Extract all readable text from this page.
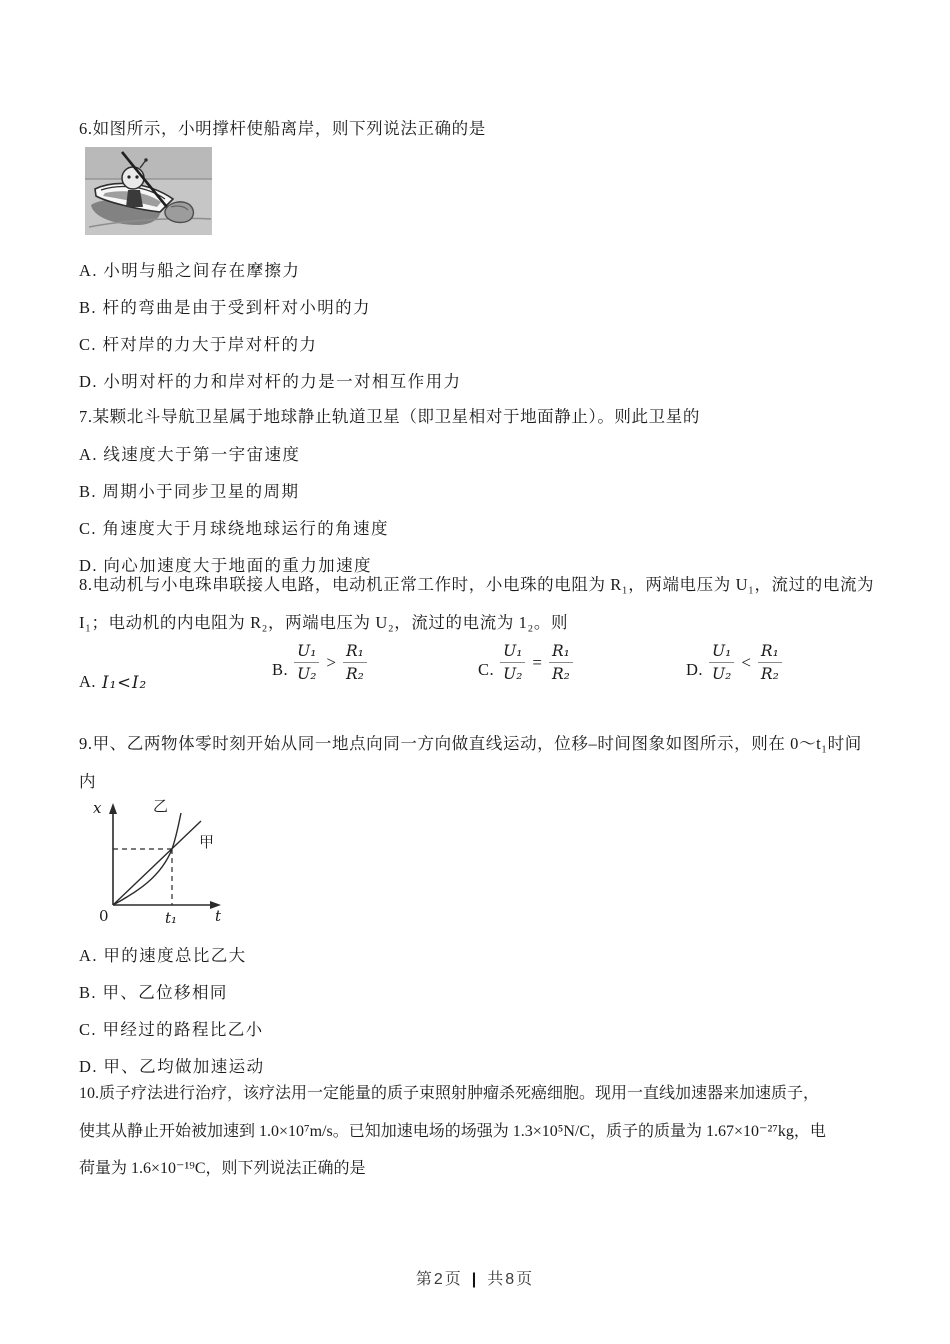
6.如图所示，小明撑杆使船离岸，则下列说法正确的是
A. 小明与船之间存在摩擦力
B. 杆的弯曲是由于受到杆对小明的力
C. 杆对岸的力大于岸对杆的力
D. 小明对杆的力和岸对杆的力是一对相互作用力
7.某颗北斗导航卫星属于地球静止轨道卫星（即卫星相对于地面静止）。则此卫星的
A. 线速度大于第一宇宙速度
B. 周期小于同步卫星的周期
C. 角速度大于月球绕地球运行的角速度
D. 向心加速度大于地面的重力加速度
8.电动机与小电珠串联接人电路，电动机正常工作时，小电珠的电阻为 R₁，两端电压为 U₁，流过的电流为
I₁；电动机的内电阻为 R₂，两端电压为 U₂，流过的电流为 1₂。则
A. I₁<I₂
B. $\frac{\text{U₁}}{\text{U₂}} > \frac{\text{R₁}}{\text{R₂}}$	C. $\frac{\text{U₁}}{\text{U₂}} = \frac{\text{R₁}}{\text{R₂}}$	D. $\frac{\text{U₁}}{\text{U₂}} < \frac{\text{R₁}}{\text{R₂}}$
9.甲、乙两物体零时刻开始从同一地点向同一方向做直线运动，位移–时间图象如图所示，则在 0～t₁时间
内
x
t
0	t₁
甲
乙
A. 甲的速度总比乙大
B. 甲、乙位移相同
C. 甲经过的路程比乙小
D. 甲、乙均做加速运动
10.质子疗法进行治疗，该疗法用一定能量的质子束照射肿瘤杀死癌细胞。现用一直线加速器来加速质子，
使其从静止开始被加速到 1.0×10⁷m/s。已知加速电场的场强为 1.3×10⁵N/C，质子的质量为 1.67×10⁻²⁷kg，电
荷量为 1.6×10⁻¹⁹C，则下列说法正确的是
第2页 | 共8页
